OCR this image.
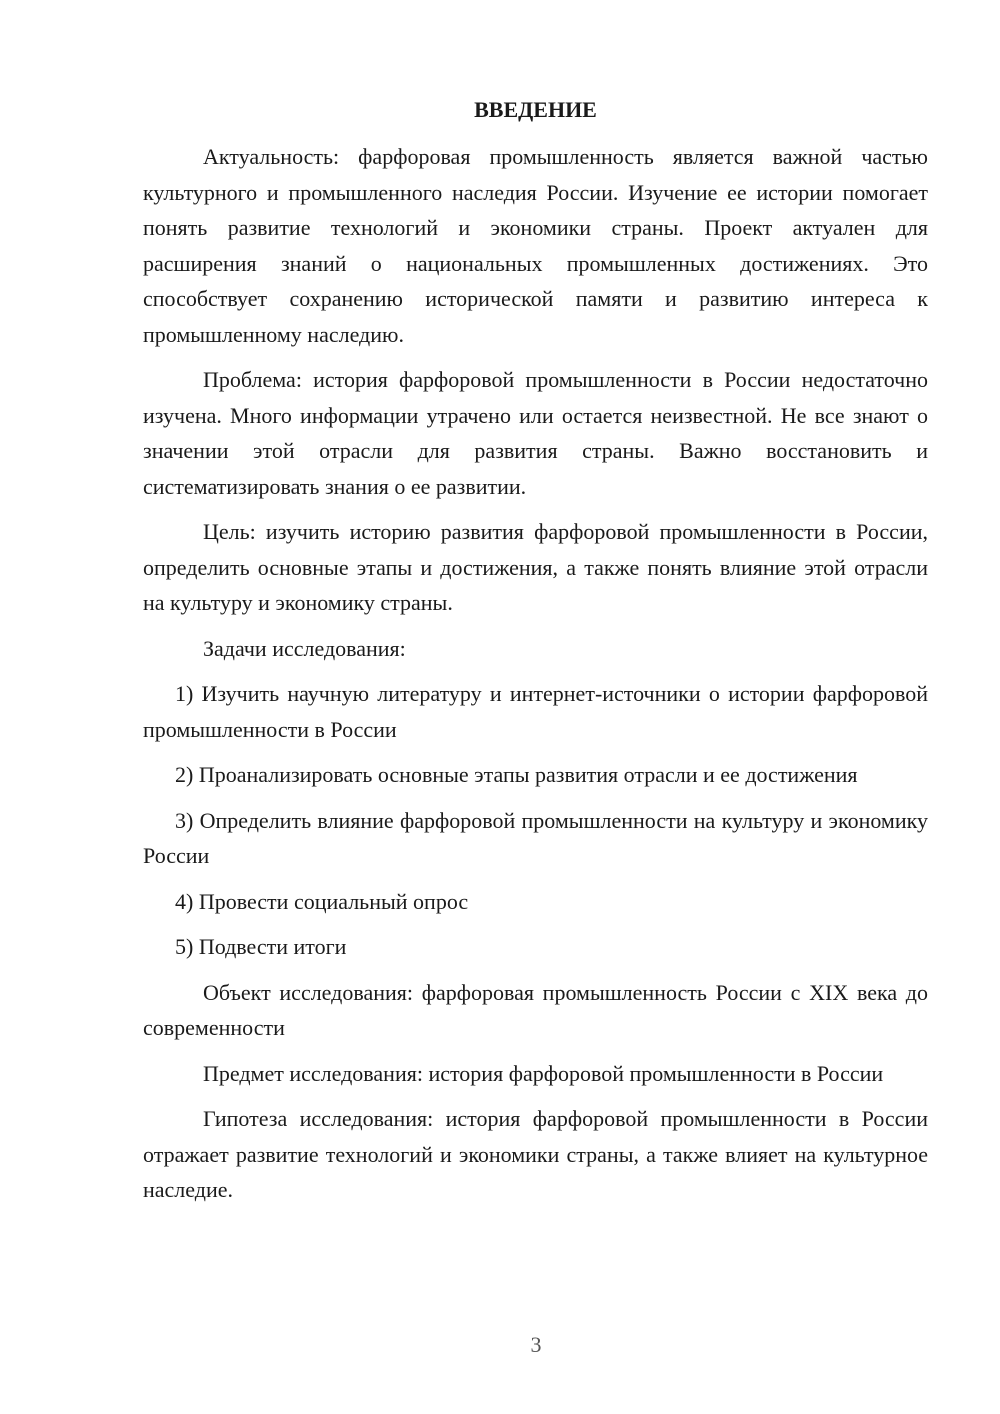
ВВЕДЕНИЕ

Актуальность: фарфоровая промышленность является важной частью культурного и промышленного наследия России. Изучение ее истории помогает понять развитие технологий и экономики страны. Проект актуален для расширения знаний о национальных промышленных достижениях. Это способствует сохранению исторической памяти и развитию интереса к промышленному наследию.

Проблема: история фарфоровой промышленности в России недостаточно изучена. Много информации утрачено или остается неизвестной. Не все знают о значении этой отрасли для развития страны. Важно восстановить и систематизировать знания о ее развитии.

Цель: изучить историю развития фарфоровой промышленности в России, определить основные этапы и достижения, а также понять влияние этой отрасли на культуру и экономику страны.

Задачи исследования:

1) Изучить научную литературу и интернет-источники о истории фарфоровой промышленности в России

2) Проанализировать основные этапы развития отрасли и ее достижения

3) Определить влияние фарфоровой промышленности на культуру и экономику России

4) Провести социальный опрос

5) Подвести итоги

Объект исследования: фарфоровая промышленность России с XIX века до современности

Предмет исследования: история фарфоровой промышленности в России

Гипотеза исследования: история фарфоровой промышленности в России отражает развитие технологий и экономики страны, а также влияет на культурное наследие.

3
